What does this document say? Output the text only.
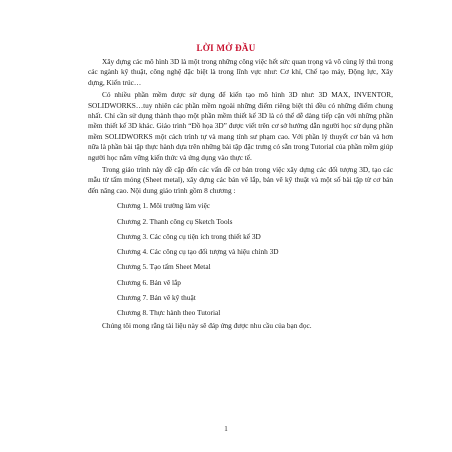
LỜI MỞ ĐẦU

Xây dựng các mô hình 3D là một trong những công việc hết sức quan trọng và vô cùng lý thú trong các ngành kỹ thuật, công nghệ đặc biệt là trong lĩnh vực như: Cơ khí, Chế tạo máy, Động lực, Xây dựng, Kiến trúc…

Có nhiều phần mềm được sử dụng để kiến tạo mô hình 3D như: 3D MAX, INVENTOR, SOLIDWORKS…tuy nhiên các phần mềm ngoài những điểm riêng biệt thì đều có những điểm chung nhất. Chỉ cần sử dụng thành thạo một phần mềm thiết kế 3D là có thể dễ dàng tiếp cận với những phần mềm thiết kế 3D khác. Giáo trình “Đồ họa 3D” được viết trên cơ sở hướng dẫn người học sử dụng phần mềm SOLIDWORKS một cách trình tự và mang tính sư phạm cao. Với phần lý thuyết cơ bản và hơn nữa là phần bài tập thực hành dựa trên những bài tập đặc trưng có sẵn trong Tutorial của phần mềm giúp người học nắm vững kiến thức và ứng dụng vào thực tế.

Trong giáo trình này đề cập đến các vấn đề cơ bản trong việc xây dựng các đối tượng 3D, tạo các mẫu từ tấm mỏng (Sheet metal), xây dựng các bản vẽ lắp, bản vẽ kỹ thuật và một số bài tập từ cơ bản đến nâng cao. Nội dung giáo trình gồm 8 chương :

Chương 1. Môi trường làm việc
Chương 2. Thanh công cụ Sketch Tools
Chương 3. Các công cụ tiện ích trong thiết kế 3D
Chương 4. Các công cụ tạo đối tượng và hiệu chỉnh 3D
Chương 5. Tạo tấm Sheet Metal
Chương 6. Bản vẽ lắp
Chương 7. Bản vẽ kỹ thuật
Chương 8. Thực hành theo Tutorial

Chúng tôi mong rằng tài liệu này sẽ đáp ứng được nhu cầu của bạn đọc.

1
